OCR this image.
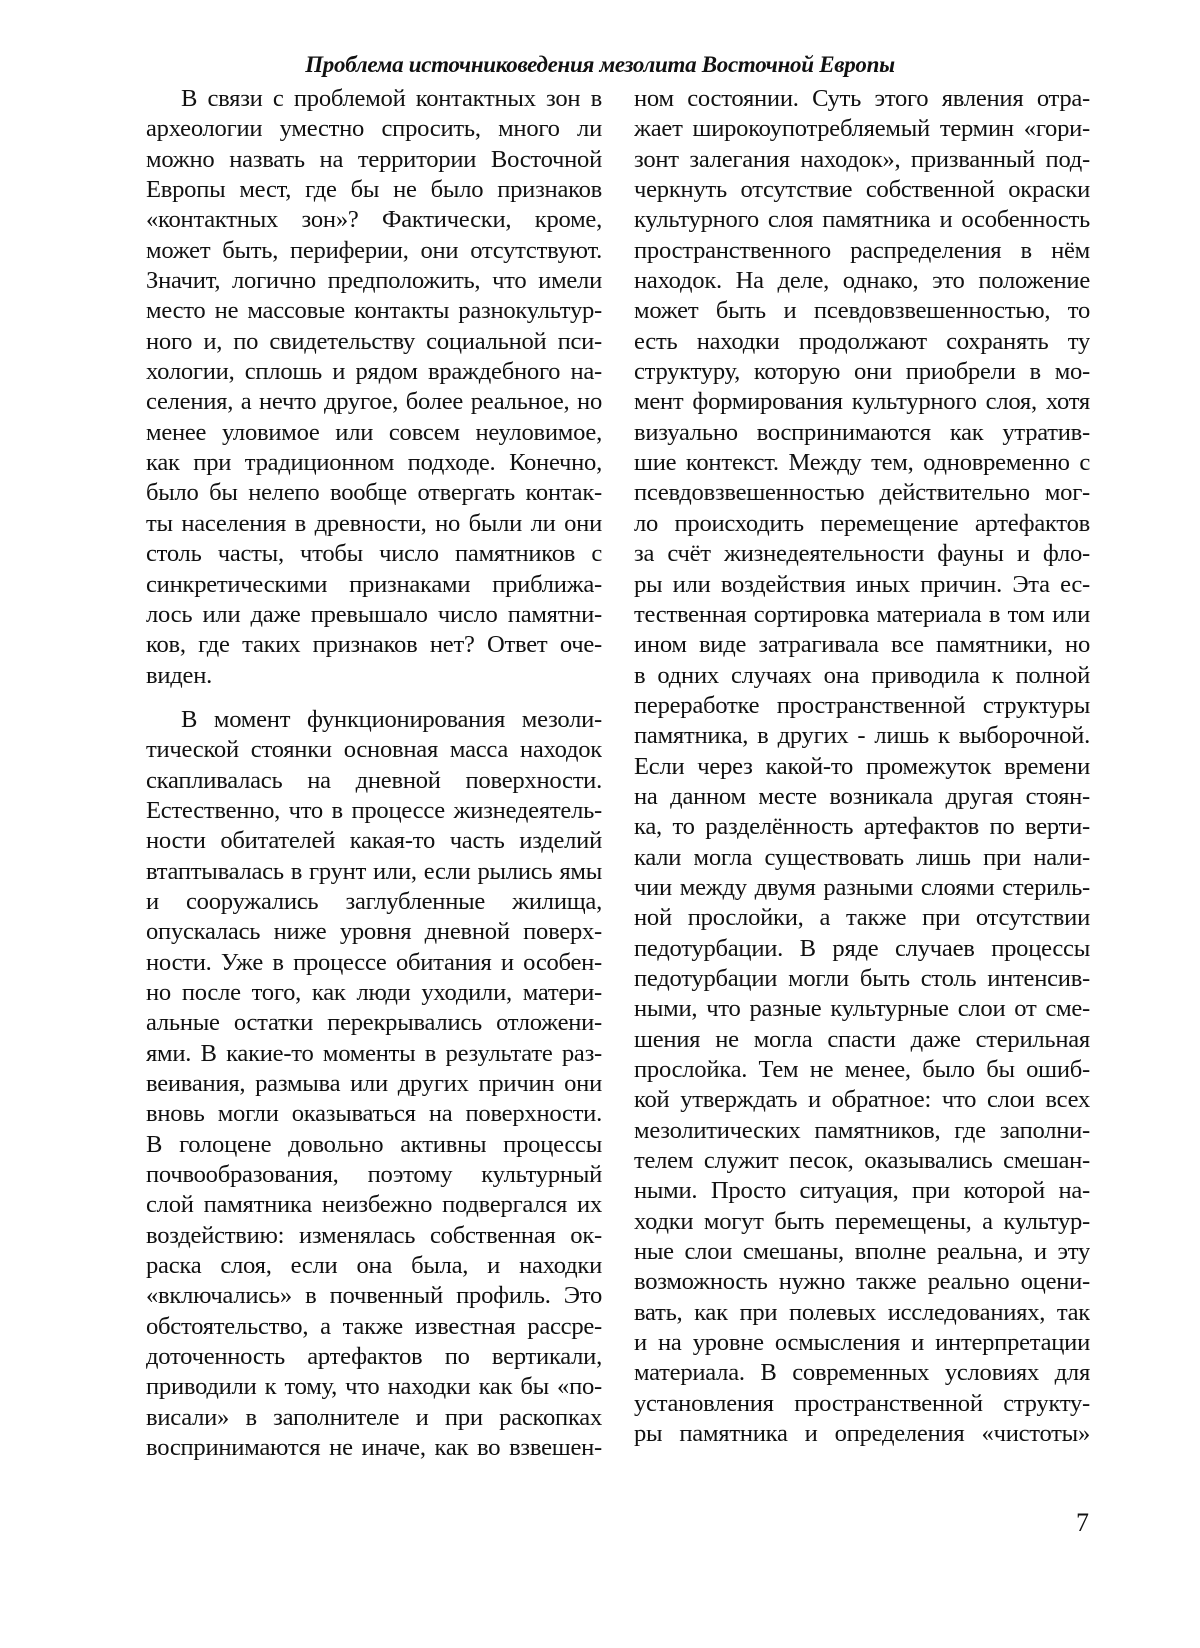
Проблема источниковедения мезолита Восточной Европы
В связи с проблемой контактных зон в
археологии уместно спросить, много ли
можно назвать на территории Восточной
Европы мест, где бы не было признаков
«контактных зон»? Фактически, кроме,
может быть, периферии, они отсутствуют.
Значит, логично предположить, что имели
место не массовые контакты разнокультур-
ного и, по свидетельству социальной пси-
хологии, сплошь и рядом враждебного на-
селения, а нечто другое, более реальное, но
менее уловимое или совсем неуловимое,
как при традиционном подходе. Конечно,
было бы нелепо вообще отвергать контак-
ты населения в древности, но были ли они
столь часты, чтобы число памятников с
синкретическими признаками приближа-
лось или даже превышало число памятни-
ков, где таких признаков нет? Ответ оче-
виден.
В момент функционирования мезоли-
тической стоянки основная масса находок
скапливалась на дневной поверхности.
Естественно, что в процессе жизнедеятель-
ности обитателей какая-то часть изделий
втаптывалась в грунт или, если рылись ямы
и сооружались заглубленные жилища,
опускалась ниже уровня дневной поверх-
ности. Уже в процессе обитания и особен-
но после того, как люди уходили, матери-
альные остатки перекрывались отложени-
ями. В какие-то моменты в результате раз-
веивания, размыва или других причин они
вновь могли оказываться на поверхности.
В голоцене довольно активны процессы
почвообразования, поэтому культурный
слой памятника неизбежно подвергался их
воздействию: изменялась собственная ок-
раска слоя, если она была, и находки
«включались» в почвенный профиль. Это
обстоятельство, а также известная рассре-
доточенность артефактов по вертикали,
приводили к тому, что находки как бы «по-
висали» в заполнителе и при раскопках
воспринимаются не иначе, как во взвешен-
ном состоянии. Суть этого явления отра-
жает широкоупотребляемый термин «гори-
зонт залегания находок», призванный под-
черкнуть отсутствие собственной окраски
культурного слоя памятника и особенность
пространственного распределения в нём
находок. На деле, однако, это положение
может быть и псевдовзвешенностью, то
есть находки продолжают сохранять ту
структуру, которую они приобрели в мо-
мент формирования культурного слоя, хотя
визуально воспринимаются как утратив-
шие контекст. Между тем, одновременно с
псевдовзвешенностью действительно мог-
ло происходить перемещение артефактов
за счёт жизнедеятельности фауны и фло-
ры или воздействия иных причин. Эта ес-
тественная сортировка материала в том или
ином виде затрагивала все памятники, но
в одних случаях она приводила к полной
переработке пространственной структуры
памятника, в других - лишь к выборочной.
Если через какой-то промежуток времени
на данном месте возникала другая стоян-
ка, то разделённость артефактов по верти-
кали могла существовать лишь при нали-
чии между двумя разными слоями стериль-
ной прослойки, а также при отсутствии
педотурбации. В ряде случаев процессы
педотурбации могли быть столь интенсив-
ными, что разные культурные слои от сме-
шения не могла спасти даже стерильная
прослойка. Тем не менее, было бы ошиб-
кой утверждать и обратное: что слои всех
мезолитических памятников, где заполни-
телем служит песок, оказывались смешан-
ными. Просто ситуация, при которой на-
ходки могут быть перемещены, а культур-
ные слои смешаны, вполне реальна, и эту
возможность нужно также реально оцени-
вать, как при полевых исследованиях, так
и на уровне осмысления и интерпретации
материала. В современных условиях для
установления пространственной структу-
ры памятника и определения «чистоты»
7
